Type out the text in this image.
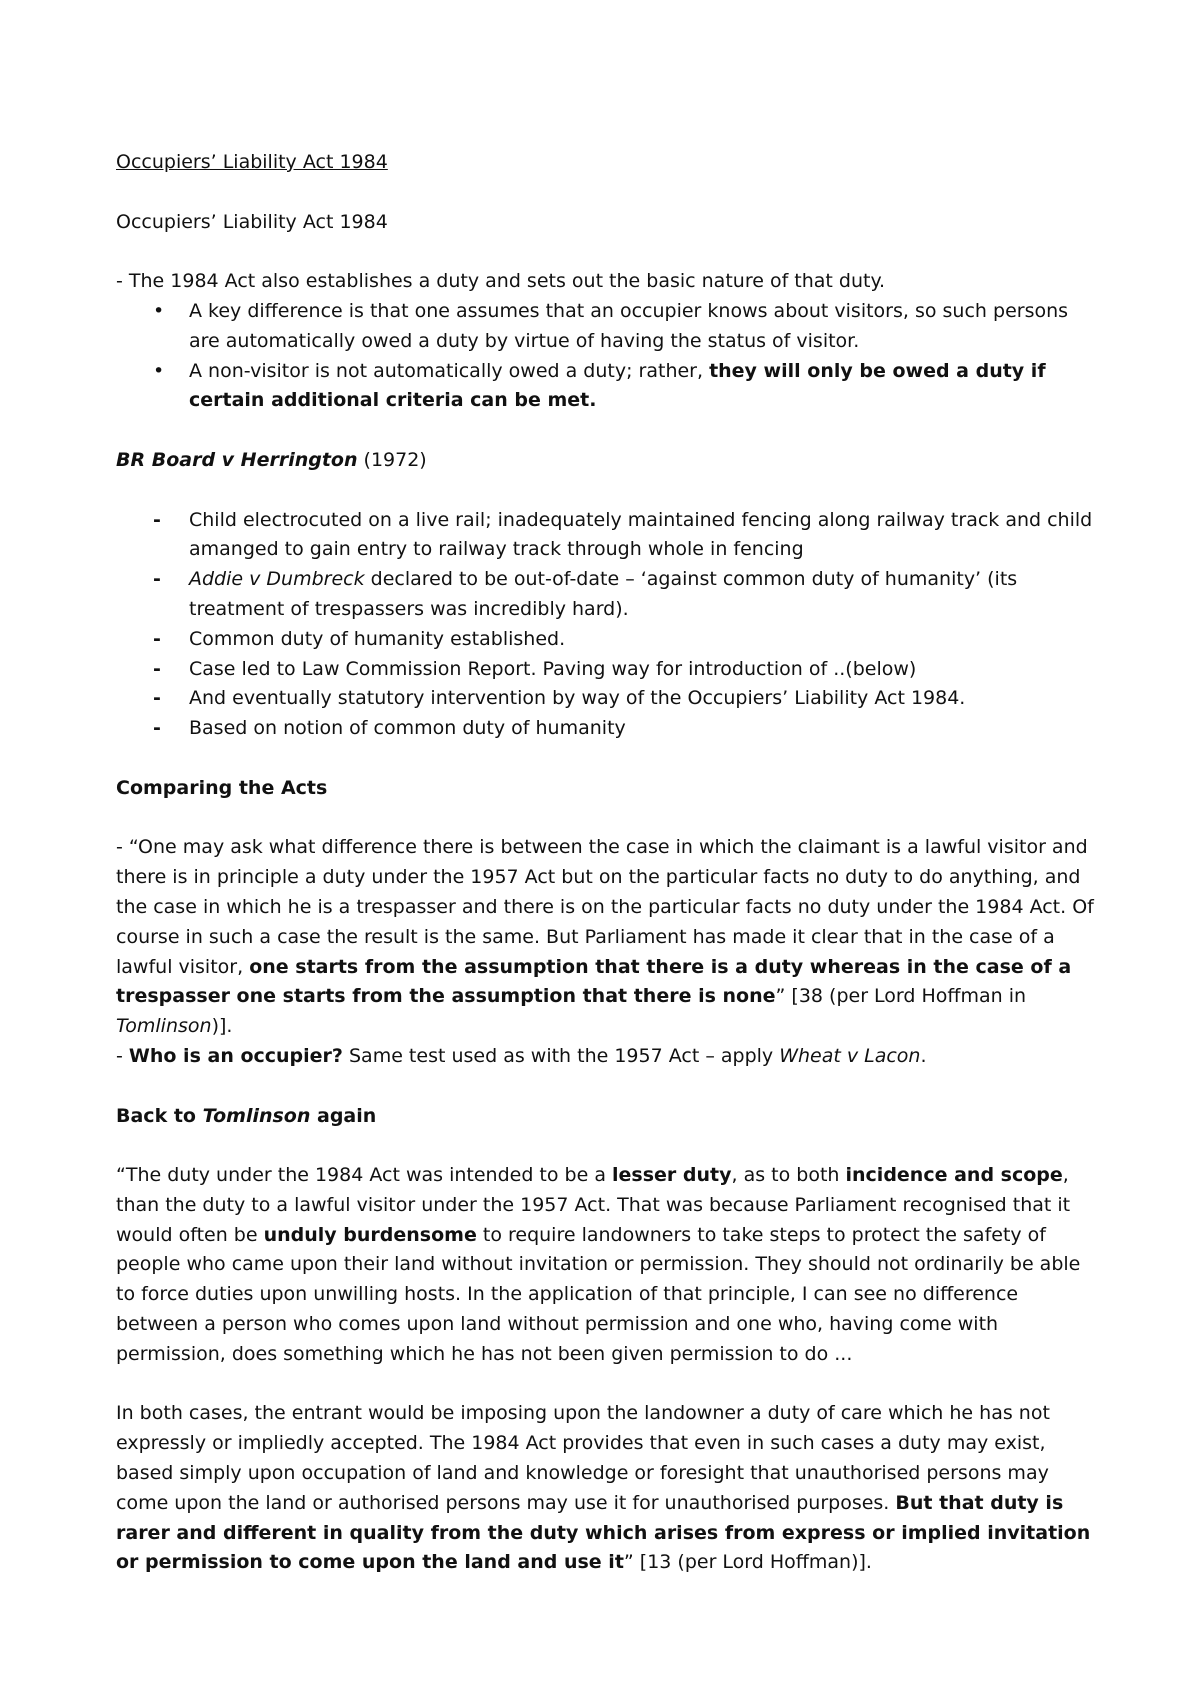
Occupiers’ Liability Act 1984

Occupiers’ Liability Act 1984

- The 1984 Act also establishes a duty and sets out the basic nature of that duty.

• A key difference is that one assumes that an occupier knows about visitors, so such persons are automatically owed a duty by virtue of having the status of visitor.
• A non-visitor is not automatically owed a duty; rather, they will only be owed a duty if certain additional criteria can be met.

BR Board v Herrington (1972)

- Child electrocuted on a live rail; inadequately maintained fencing along railway track and child amanged to gain entry to railway track through whole in fencing
- Addie v Dumbreck declared to be out-of-date – ‘against common duty of humanity’ (its treatment of trespassers was incredibly hard).
- Common duty of humanity established.
- Case led to Law Commission Report. Paving way for introduction of ..(below)
- And eventually statutory intervention by way of the Occupiers’ Liability Act 1984.
- Based on notion of common duty of humanity

Comparing the Acts

- “One may ask what difference there is between the case in which the claimant is a lawful visitor and there is in principle a duty under the 1957 Act but on the particular facts no duty to do anything, and the case in which he is a trespasser and there is on the particular facts no duty under the 1984 Act. Of course in such a case the result is the same. But Parliament has made it clear that in the case of a lawful visitor, one starts from the assumption that there is a duty whereas in the case of a trespasser one starts from the assumption that there is none” [38 (per Lord Hoffman in Tomlinson)].

- Who is an occupier? Same test used as with the 1957 Act – apply Wheat v Lacon.

Back to Tomlinson again

“The duty under the 1984 Act was intended to be a lesser duty, as to both incidence and scope, than the duty to a lawful visitor under the 1957 Act. That was because Parliament recognised that it would often be unduly burdensome to require landowners to take steps to protect the safety of people who came upon their land without invitation or permission. They should not ordinarily be able to force duties upon unwilling hosts. In the application of that principle, I can see no difference between a person who comes upon land without permission and one who, having come with permission, does something which he has not been given permission to do ...

In both cases, the entrant would be imposing upon the landowner a duty of care which he has not expressly or impliedly accepted. The 1984 Act provides that even in such cases a duty may exist, based simply upon occupation of land and knowledge or foresight that unauthorised persons may come upon the land or authorised persons may use it for unauthorised purposes. But that duty is rarer and different in quality from the duty which arises from express or implied invitation or permission to come upon the land and use it” [13 (per Lord Hoffman)].
